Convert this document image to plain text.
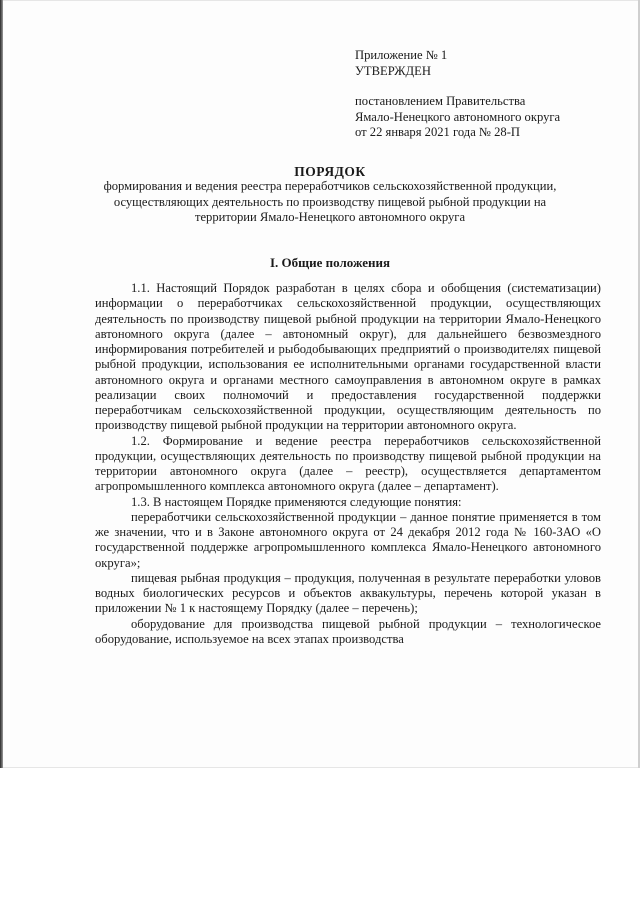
Приложение № 1
УТВЕРЖДЕН
постановлением Правительства
Ямало-Ненецкого автономного округа
от 22 января 2021 года № 28-П
ПОРЯДОК
формирования и ведения реестра переработчиков сельскохозяйственной продукции, осуществляющих деятельность по производству пищевой рыбной продукции на территории Ямало-Ненецкого автономного округа
I. Общие положения

1.1. Настоящий Порядок разработан в целях сбора и обобщения (систематизации) информации о переработчиках сельскохозяйственной продукции, осуществляющих деятельность по производству пищевой рыбной продукции на территории Ямало-Ненецкого автономного округа (далее – автономный округ), для дальнейшего безвозмездного информирования потребителей и рыбодобывающих предприятий о производителях пищевой рыбной продукции, использования ее исполнительными органами государственной власти автономного округа и органами местного самоуправления в автономном округе в рамках реализации своих полномочий и предоставления государственной поддержки переработчикам сельскохозяйственной продукции, осуществляющим деятельность по производству пищевой рыбной продукции на территории автономного округа.

1.2. Формирование и ведение реестра переработчиков сельскохозяйственной продукции, осуществляющих деятельность по производству пищевой рыбной продукции на территории автономного округа (далее – реестр), осуществляется департаментом агропромышленного комплекса автономного округа (далее – департамент).

1.3. В настоящем Порядке применяются следующие понятия:

переработчики сельскохозяйственной продукции – данное понятие применяется в том же значении, что и в Законе автономного округа от 24 декабря 2012 года № 160-ЗАО «О государственной поддержке агропромышленного комплекса Ямало-Ненецкого автономного округа»;

пищевая рыбная продукция – продукция, полученная в результате переработки уловов водных биологических ресурсов и объектов аквакультуры, перечень которой указан в приложении № 1 к настоящему Порядку (далее – перечень);

оборудование для производства пищевой рыбной продукции – технологическое оборудование, используемое на всех этапах производства
